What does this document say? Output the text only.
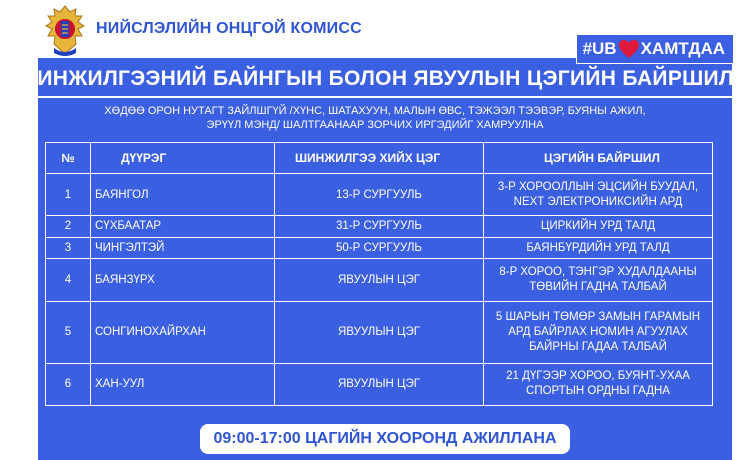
НИЙСЛЭЛИЙН ОНЦГОЙ КОМИСС
#UB ХАМТДАА
ШИНЖИЛГЭЭНИЙ БАЙНГЫН БОЛОН ЯВУУЛЫН ЦЭГИЙН БАЙРШИЛ
ХӨДӨӨ ОРОН НУТАГТ ЗАЙЛШГҮЙ /ХҮНС, ШАТАХУУН, МАЛЫН ӨВС, ТЭЖЭЭЛ ТЭЭВЭР, БУЯНЫ АЖИЛ,
ЭРҮҮЛ МЭНД/ ШАЛТГААНААР ЗОРЧИХ ИРГЭДИЙГ ХАМРУУЛНА
№	ДҮҮРЭГ	ШИНЖИЛГЭЭ ХИЙХ ЦЭГ	ЦЭГИЙН БАЙРШИЛ
1	БАЯНГОЛ	13-Р СУРГУУЛЬ	3-Р ХОРООЛЛЫН ЭЦСИЙН БУУДАЛ,
NEXT ЭЛЕКТРОНИКСИЙН АРД

2	СҮХБААТАР	31-Р СУРГУУЛЬ	ЦИРКИЙН УРД ТАЛД

3	ЧИНГЭЛТЭЙ	50-Р СУРГУУЛЬ	БАЯНБҮРДИЙН УРД ТАЛД

4	БАЯНЗҮРХ	ЯВУУЛЫН ЦЭГ	8-Р ХОРОО, ТЭНГЭР ХУДАЛДААНЫ
ТӨВИЙН ГАДНА ТАЛБАЙ

5	СОНГИНОХАЙРХАН	ЯВУУЛЫН ЦЭГ	5 ШАРЫН ТӨМӨР ЗАМЫН ГАРАМЫН
АРД БАЙРЛАХ НОМИН АГУУЛАХ
БАЙРНЫ ГАДАА ТАЛБАЙ

6	ХАН-УУЛ	ЯВУУЛЫН ЦЭГ	21 ДҮГЭЭР ХОРОО, БУЯНТ-УХАА
СПОРТЫН ОРДНЫ ГАДНА
09:00-17:00 ЦАГИЙН ХООРОНД АЖИЛЛАНА
